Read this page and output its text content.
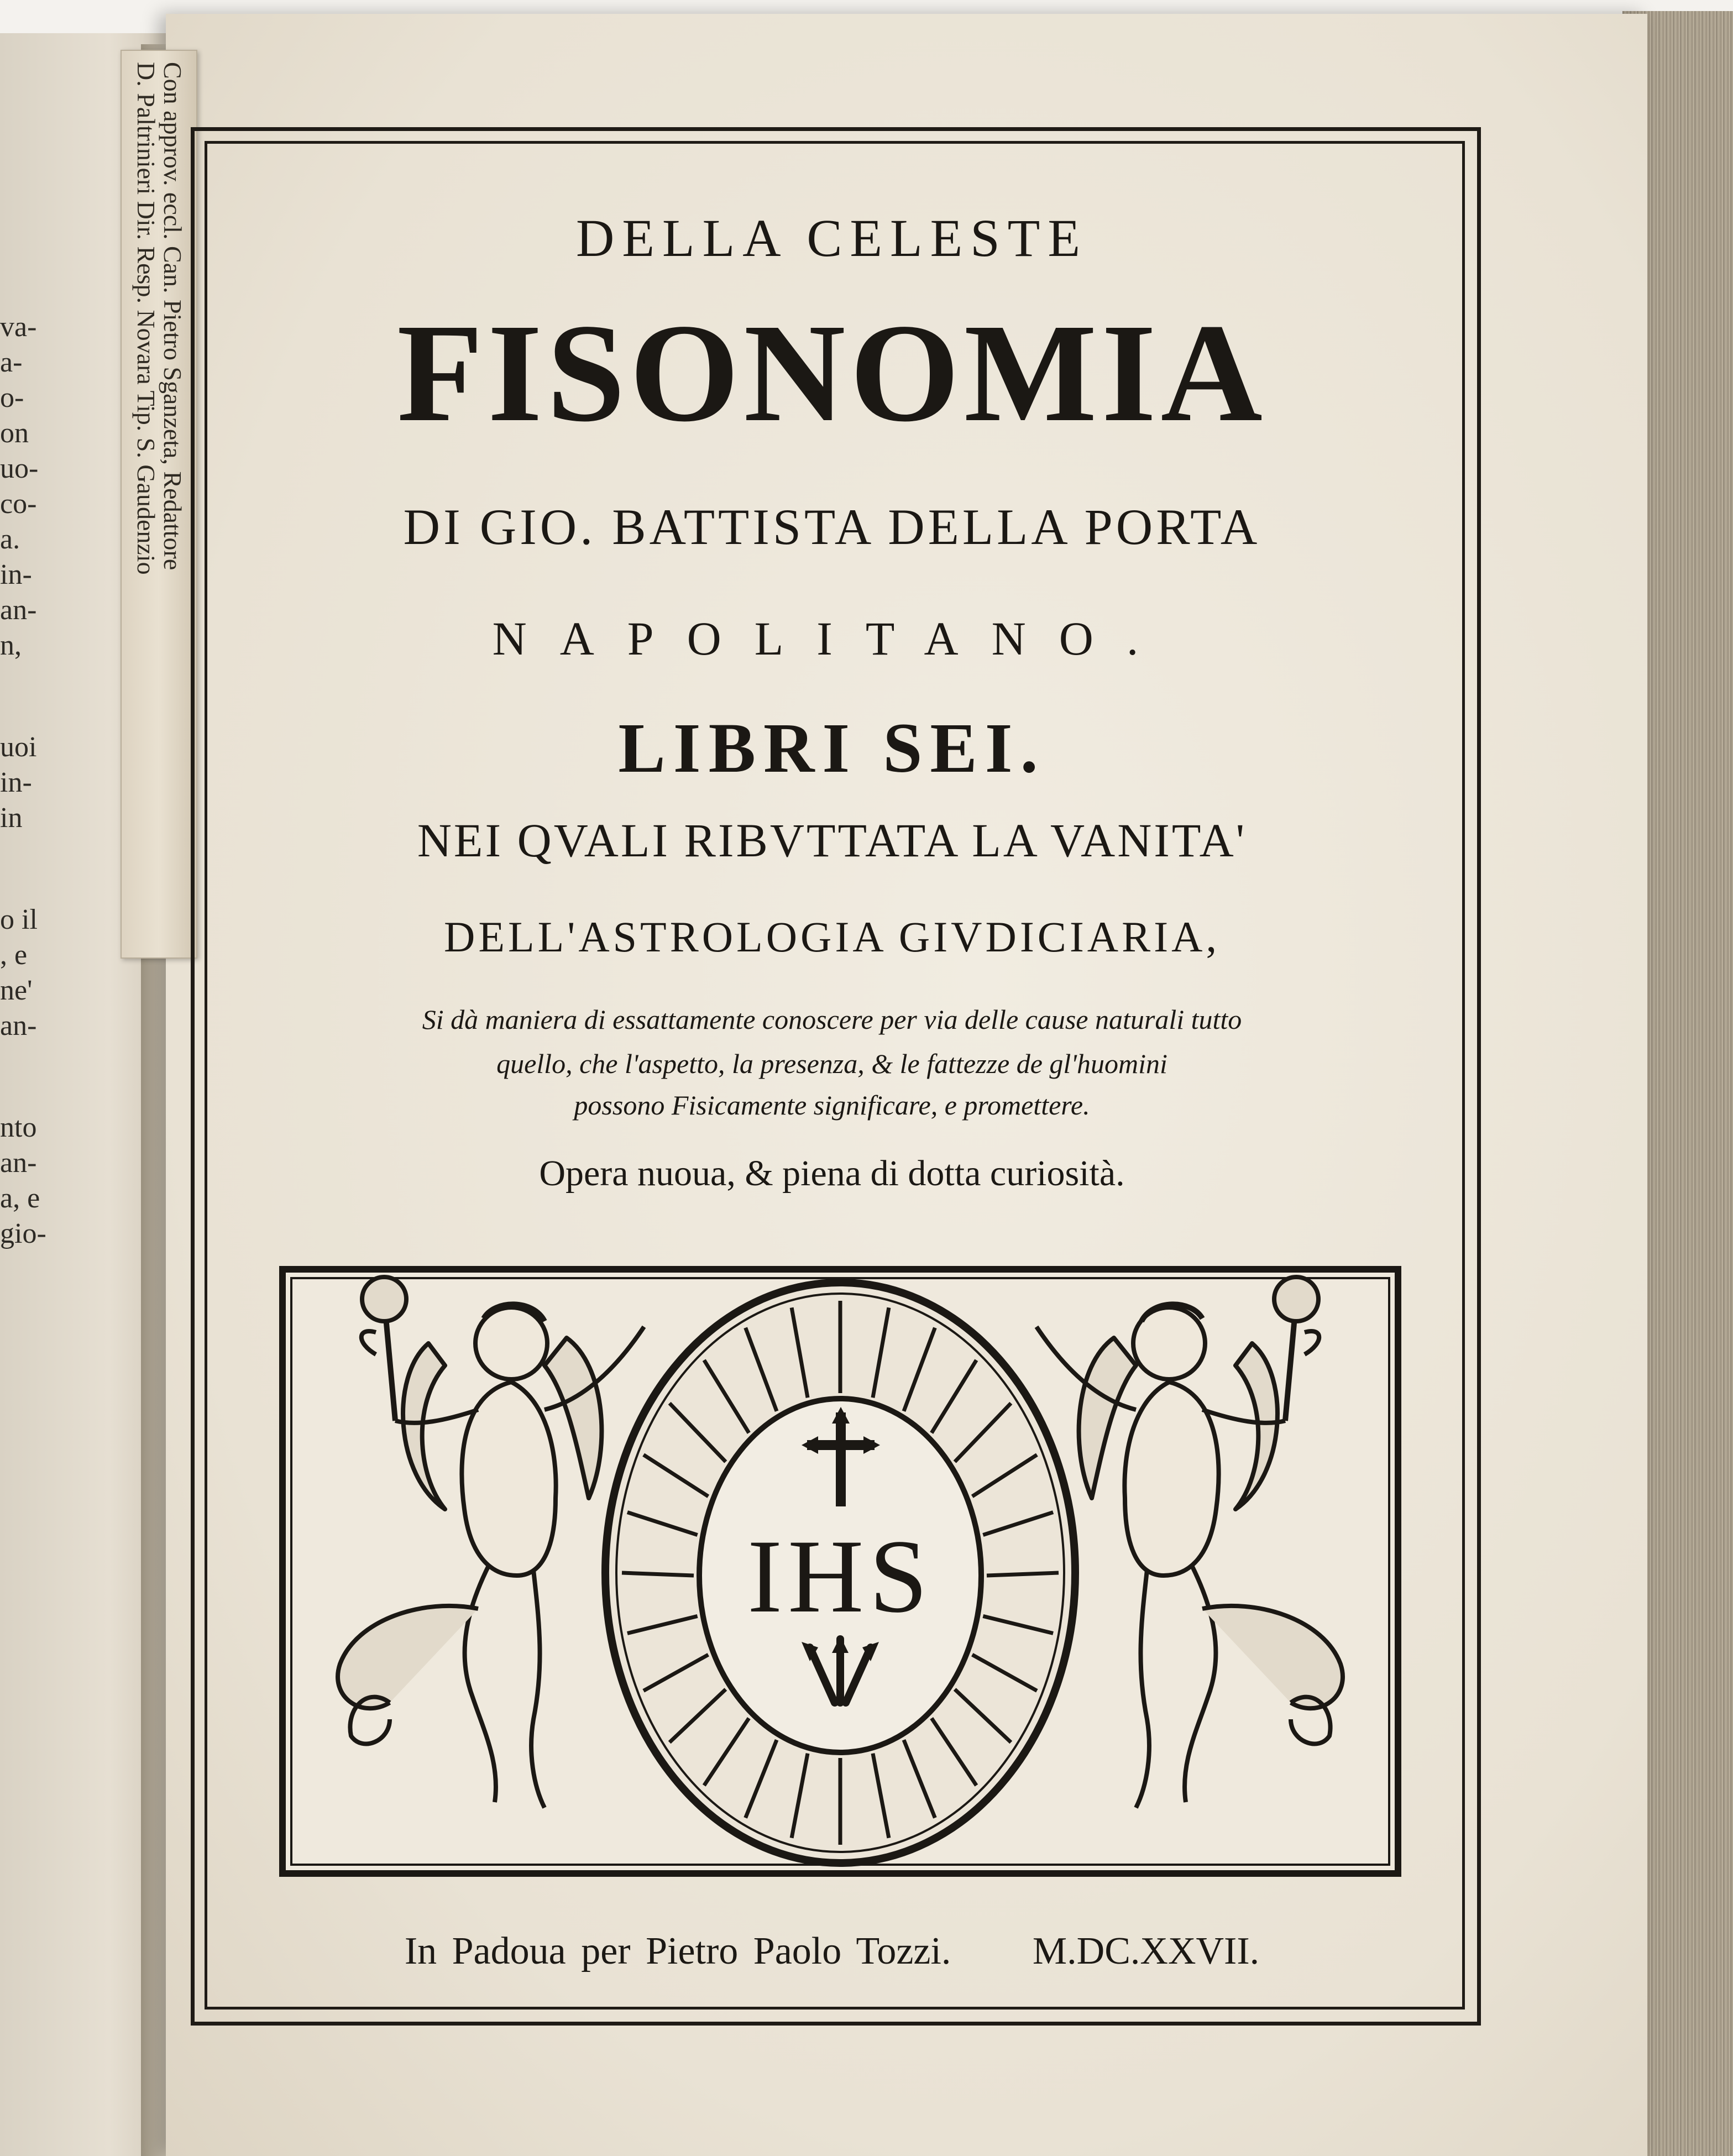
va-
a-
o-
on
uo-
co-
a.
in-
an-
n,
uoi
in-
in
o il
, e
ne'
an-
nto
an-
a, e
gio-
Con approv. eccl. Can. Pietro Sganzeta, Redattore
D. Paltrinieri Dir. Resp. Novara Tip. S. Gaudenzio	DELLA CELESTE
FISONOMIA
DI GIO. BATTISTA DELLA PORTA
NAPOLITANO.
LIBRI SEI.
NEI QVALI RIBVTTATA LA VANITA'
DELL'ASTROLOGIA GIVDICIARIA,
Si dà maniera di essattamente conoscere per via delle cause naturali tutto
quello, che l'aspetto, la presenza, & le fattezze de gl'huomini
possono Fisicamente significare, e promettere.
Opera nuoua, & piena di dotta curiosità.
IHS
In Padoua per Pietro Paolo Tozzi. M.DC.XXVII.
